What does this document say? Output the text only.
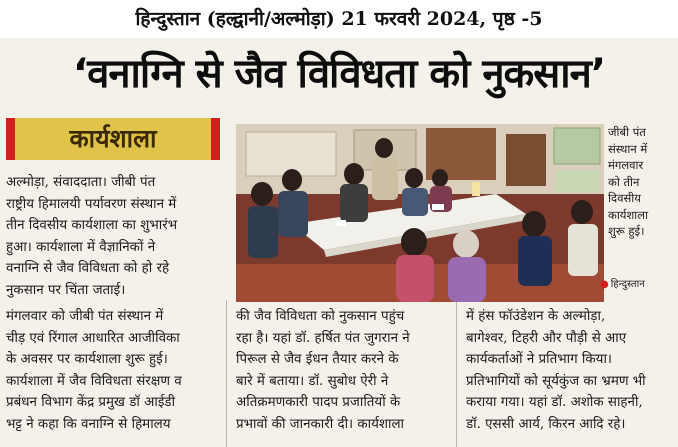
हिन्दुस्तान (हल्द्वानी/अल्मोड़ा) 21 फरवरी 2024, पृष्ठ -5
‘वनाग्नि से जैव विविधता को नुकसान’
कार्यशाला
अल्मोड़ा, संवाददाता। जीबी पंत
राष्ट्रीय हिमालयी पर्यावरण संस्थान में
तीन दिवसीय कार्यशाला का शुभारंभ
हुआ। कार्यशाला में वैज्ञानिकों ने
वनाग्नि से जैव विविधता को हो रहे
नुकसान पर चिंता जताई।
मंगलवार को जीबी पंत संस्थान में
चीड़ एवं रिंगाल आधारित आजीविका
के अवसर पर कार्यशाला शुरू हुई।
कार्यशाला में जैव विविधता संरक्षण व
प्रबंधन विभाग केंद्र प्रमुख डॉ आईडी
भट्ट ने कहा कि वनाग्नि से हिमालय
की जैव विविधता को नुकसान पहुंच
रहा है। यहां डॉ. हर्षित पंत जुगरान ने
पिरूल से जैव ईधन तैयार करने के
बारे में बताया। डॉ. सुबोध ऐरी ने
अतिक्रमणकारी पादप प्रजातियों के
प्रभावों की जानकारी दी। कार्यशाला
में हंस फॉउंडेशन के अल्मोड़ा,
बागेश्वर, टिहरी और पौड़ी से आए
कार्यकर्ताओं ने प्रतिभाग किया।
प्रतिभागियों को सूर्यकुंज का भ्रमण भी
कराया गया। यहां डॉ. अशोक साहनी,
डॉ. एससी आर्य, किरन आदि रहे।
जीबी पंत
संस्थान में
मंगलवार
को तीन
दिवसीय
कार्यशाला
शुरू हुई।
● हिन्दुस्तान
